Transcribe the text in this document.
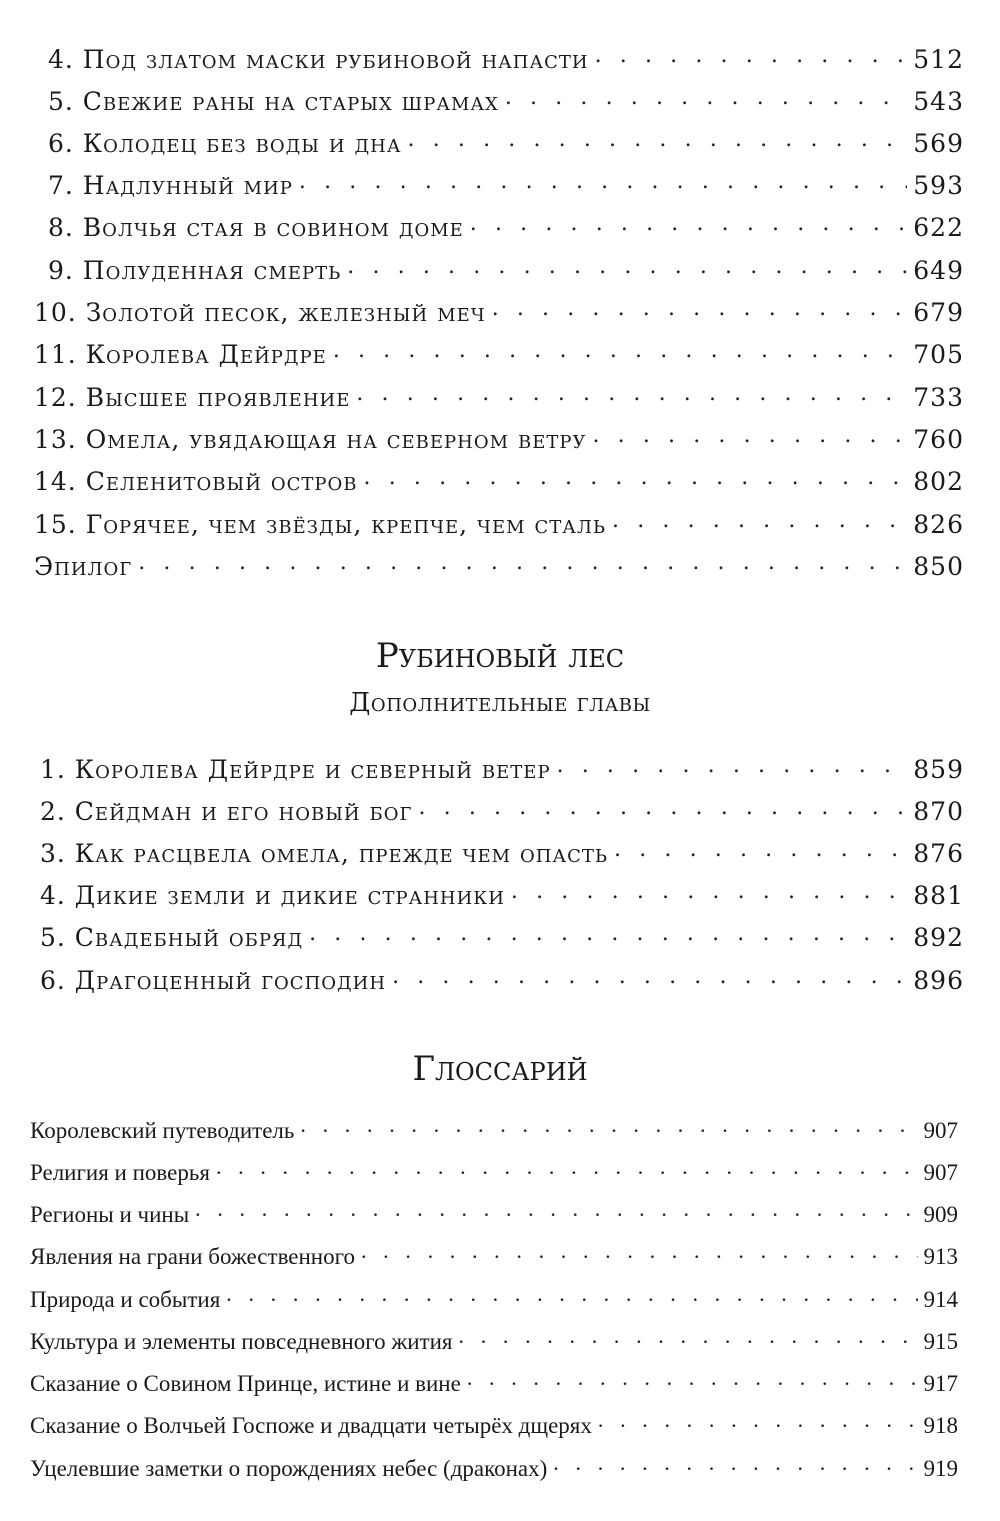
4. Под златом маски рубиновой напасти . . .	512
5. Свежие раны на старых шрамах . . .	543
6. Колодец без воды и дна . . .	569
7. Надлунный мир . . .	593
8. Волчья стая в совином доме . . .	622
9. Полуденная смерть . . .	649
10. Золотой песок, железный меч . . .	679
11. Королева Дейрдре . . .	705
12. Высшее проявление . . .	733
13. Омела, увядающая на северном ветру . . .	760
14. Селенитовый остров . . .	802
15. Горячее, чем звёзды, крепче, чем сталь . . .	826
Эпилог . . .	850
Рубиновый лес
Дополнительные главы
1. Королева Дейрдре и северный ветер . . .	859
2. Сейдман и его новый бог . . .	870
3. Как расцвела омела, прежде чем опасть . . .	876
4. Дикие земли и дикие странники . . .	881
5. Свадебный обряд . . .	892
6. Драгоценный господин . . .	896
Глоссарий
Королевский путеводитель . . .	907
Религия и поверья . . .	907
Регионы и чины . . .	909
Явления на грани божественного . . .	913
Природа и события . . .	914
Культура и элементы повседневного жития . . .	915
Сказание о Совином Принце, истине и вине . . .	917
Сказание о Волчьей Госпоже и двадцати четырёх дщерях . . .	918
Уцелевшие заметки о порождениях небес (драконах) . . .	919
